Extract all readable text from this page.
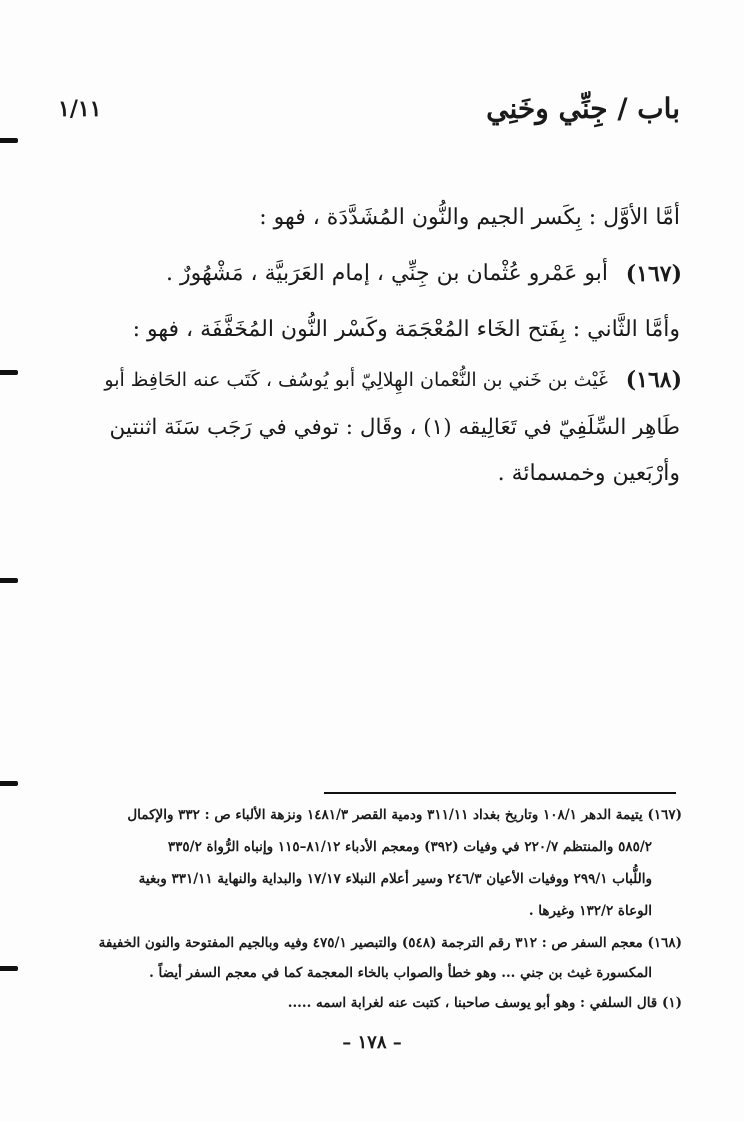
باب / جِنِّي وخَنِي
١/١١
أمَّا الأوَّل : بِكَسر الجيم والنُّون المُشَدَّدَة ، فهو :
(١٦٧)
أبو عَمْرو عُثْمان بن جِنِّي ، إمام العَرَبيَّة ، مَشْهُورٌ .
وأمَّا الثَّاني : بِفَتح الخَاء المُعْجَمَة وكَسْر النُّون المُخَفَّفَة ، فهو :
(١٦٨)
غَيْث بن خَني بن النُّعْمان الهِلالِيّ أبو يُوسُف ، كَتَب عنه الحَافِظ أبو
طَاهِر السِّلَفِيّ في تَعَالِيقه (١) ، وقَال : توفي في رَجَب سَنَة اثنتين
وأرْبَعين وخمسمائة .
(١٦٧) يتيمة الدهر ١٠٨/١ وتاريخ بغداد ٣١١/١١ ودمية القصر ١٤٨١/٣ ونزهة الألباء ص : ٣٣٢ والإكمال
٥٨٥/٢ والمنتظم ٢٢٠/٧ في وفيات (٣٩٢) ومعجم الأدباء ٨١/١٢–١١٥ وإنباه الرُّواة ٣٣٥/٢
واللُّباب ٢٩٩/١ ووفيات الأعيان ٢٤٦/٣ وسير أعلام النبلاء ١٧/١٧ والبداية والنهاية ٣٣١/١١ وبغية
الوعاة ١٣٢/٢ وغيرها .
(١٦٨) معجم السفر ص : ٣١٢ رقم الترجمة (٥٤٨) والتبصير ٤٧٥/١ وفيه وبالجيم المفتوحة والنون الخفيفة
المكسورة غيث بن جني ... وهو خطأ والصواب بالخاء المعجمة كما في معجم السفر أيضاً .
(١) قال السلفي : وهو أبو يوسف صاحبنا ، كتبت عنه لغرابة اسمه .....
– ١٧٨ –
